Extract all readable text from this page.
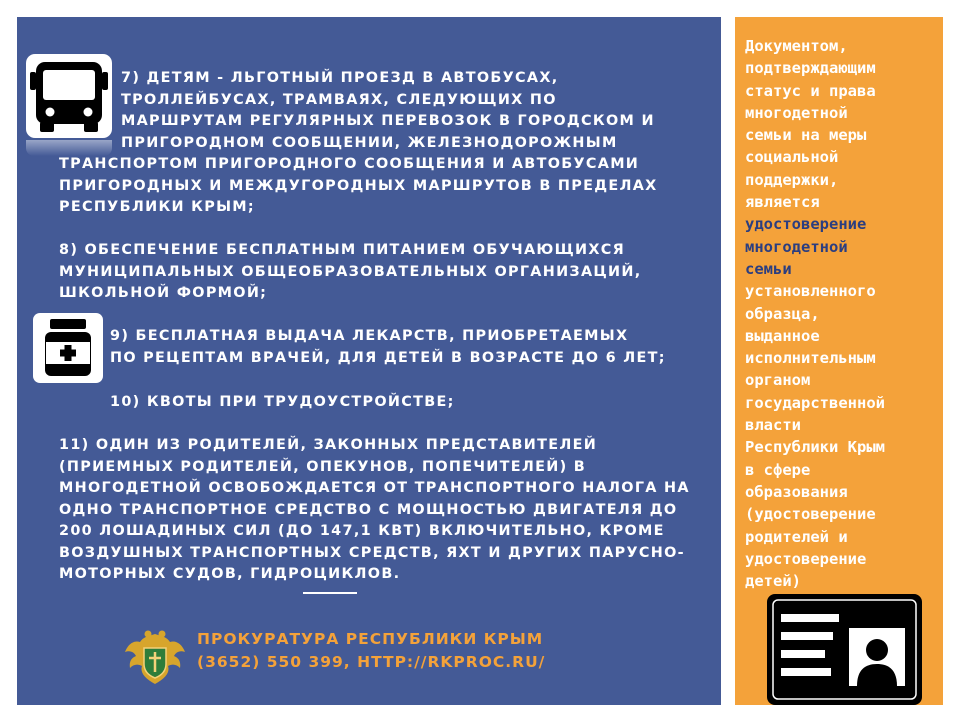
7) ДЕТЯМ - ЛЬГОТНЫЙ ПРОЕЗД В АВТОБУСАХ,
ТРОЛЛЕЙБУСАХ, ТРАМВАЯХ, СЛЕДУЮЩИХ ПО
МАРШРУТАМ РЕГУЛЯРНЫХ ПЕРЕВОЗОК В ГОРОДСКОМ И
ПРИГОРОДНОМ СООБЩЕНИИ, ЖЕЛЕЗНОДОРОЖНЫМ
ТРАНСПОРТОМ ПРИГОРОДНОГО СООБЩЕНИЯ И АВТОБУСАМИ
ПРИГОРОДНЫХ И МЕЖДУГОРОДНЫХ МАРШРУТОВ В ПРЕДЕЛАХ
РЕСПУБЛИКИ КРЫМ;
8) ОБЕСПЕЧЕНИЕ БЕСПЛАТНЫМ ПИТАНИЕМ ОБУЧАЮЩИХСЯ
МУНИЦИПАЛЬНЫХ ОБЩЕОБРАЗОВАТЕЛЬНЫХ ОРГАНИЗАЦИЙ,
ШКОЛЬНОЙ ФОРМОЙ;
9) БЕСПЛАТНАЯ ВЫДАЧА ЛЕКАРСТВ, ПРИОБРЕТАЕМЫХ
ПО РЕЦЕПТАМ ВРАЧЕЙ, ДЛЯ ДЕТЕЙ В ВОЗРАСТЕ ДО 6 ЛЕТ;
10) КВОТЫ ПРИ ТРУДОУСТРОЙСТВЕ;
11) ОДИН ИЗ РОДИТЕЛЕЙ, ЗАКОННЫХ ПРЕДСТАВИТЕЛЕЙ
(ПРИЕМНЫХ РОДИТЕЛЕЙ, ОПЕКУНОВ, ПОПЕЧИТЕЛЕЙ) В
МНОГОДЕТНОЙ ОСВОБОЖДАЕТСЯ ОТ ТРАНСПОРТНОГО НАЛОГА НА
ОДНО ТРАНСПОРТНОЕ СРЕДСТВО С МОЩНОСТЬЮ ДВИГАТЕЛЯ ДО
200 ЛОШАДИНЫХ СИЛ (ДО 147,1 КВТ) ВКЛЮЧИТЕЛЬНО, КРОМЕ
ВОЗДУШНЫХ ТРАНСПОРТНЫХ СРЕДСТВ, ЯХТ И ДРУГИХ ПАРУСНО-
МОТОРНЫХ СУДОВ, ГИДРОЦИКЛОВ.
ПРОКУРАТУРА РЕСПУБЛИКИ КРЫМ
(3652) 550 399, HTTP://RKPROC.RU/
Документом,
подтверждающим
статус и права
многодетной
семьи на меры
социальной
поддержки,
является
удостоверение
многодетной
семьи
установленного
образца,
выданное
исполнительным
органом
государственной
власти
Республики Крым
в сфере
образования
(удостоверение
родителей и
удостоверение
детей)
